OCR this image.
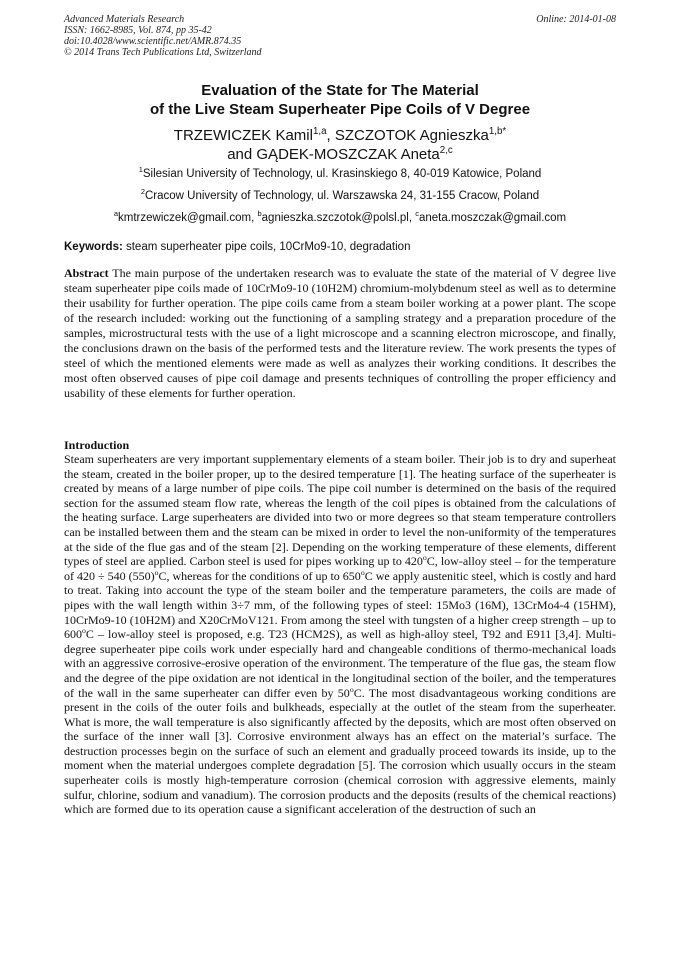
Advanced Materials Research
ISSN: 1662-8985, Vol. 874, pp 35-42
doi:10.4028/www.scientific.net/AMR.874.35
© 2014 Trans Tech Publications Ltd, Switzerland
Online: 2014-01-08
Evaluation of the State for The Material
of the Live Steam Superheater Pipe Coils of V Degree
TRZEWICZEK Kamil$^{1,a}$, SZCZOTOK Agnieszka$^{1,b*}$
and GĄDEK-MOSZCZAK Aneta$^{2,c}$
$^1$Silesian University of Technology, ul. Krasinskiego 8, 40-019 Katowice, Poland
$^2$Cracow University of Technology, ul. Warszawska 24, 31-155 Cracow, Poland
$^a$kmtrzewiczek@gmail.com, $^b$agnieszka.szczotok@polsl.pl, $^c$aneta.moszczak@gmail.com
Keywords: steam superheater pipe coils, 10CrMo9-10, degradation

Abstract The main purpose of the undertaken research was to evaluate the state of the material of V degree live steam superheater pipe coils made of 10CrMo9-10 (10H2M) chromium-molybdenum steel as well as to determine their usability for further operation. The pipe coils came from a steam boiler working at a power plant. The scope of the research included: working out the functioning of a sampling strategy and a preparation procedure of the samples, microstructural tests with the use of a light microscope and a scanning electron microscope, and finally, the conclusions drawn on the basis of the performed tests and the literature review. The work presents the types of steel of which the mentioned elements were made as well as analyzes their working conditions. It describes the most often observed causes of pipe coil damage and presents techniques of controlling the proper efficiency and usability of these elements for further operation.

Introduction

Steam superheaters are very important supplementary elements of a steam boiler. Their job is to dry and superheat the steam, created in the boiler proper, up to the desired temperature [1]. The heating surface of the superheater is created by means of a large number of pipe coils. The pipe coil number is determined on the basis of the required section for the assumed steam flow rate, whereas the length of the coil pipes is obtained from the calculations of the heating surface. Large superheaters are divided into two or more degrees so that steam temperature controllers can be installed between them and the steam can be mixed in order to level the non-uniformity of the temperatures at the side of the flue gas and of the steam [2]. Depending on the working temperature of these elements, different types of steel are applied. Carbon steel is used for pipes working up to 420$^o$C, low-alloy steel – for the temperature of 420 ÷ 540 $(550)^oC$, whereas for the conditions of up to 650$^o$C we apply austenitic steel, which is costly and hard to treat. Taking into account the type of the steam boiler and the temperature parameters, the coils are made of pipes with the wall length within 3÷7 mm, of the following types of steel: 15Mo3 (16M), 13CrMo4-4 (15HM), 10CrMo9-10 (10H2M) and X20CrMoV121. From among the steel with tungsten of a higher creep strength – up to 600$^o$C – low-alloy steel is proposed, e.g. T23 (HCM2S), as well as high-alloy steel, T92 and E911 [3,4]. Multi-degree superheater pipe coils work under especially hard and changeable conditions of thermo-mechanical loads with an aggressive corrosive-erosive operation of the environment. The temperature of the flue gas, the steam flow and the degree of the pipe oxidation are not identical in the longitudinal section of the boiler, and the temperatures of the wall in the same superheater can differ even by 50$^o$C. The most disadvantageous working conditions are present in the coils of the outer foils and bulkheads, especially at the outlet of the steam from the superheater. What is more, the wall temperature is also significantly affected by the deposits, which are most often observed on the surface of the inner wall [3]. Corrosive environment always has an effect on the material’s surface. The destruction processes begin on the surface of such an element and gradually proceed towards its inside, up to the moment when the material undergoes complete degradation [5]. The corrosion which usually occurs in the steam superheater coils is mostly high-temperature corrosion (chemical corrosion with aggressive elements, mainly sulfur, chlorine, sodium and vanadium). The corrosion products and the deposits (results of the chemical reactions) which are formed due to its operation cause a significant acceleration of the destruction of such an
